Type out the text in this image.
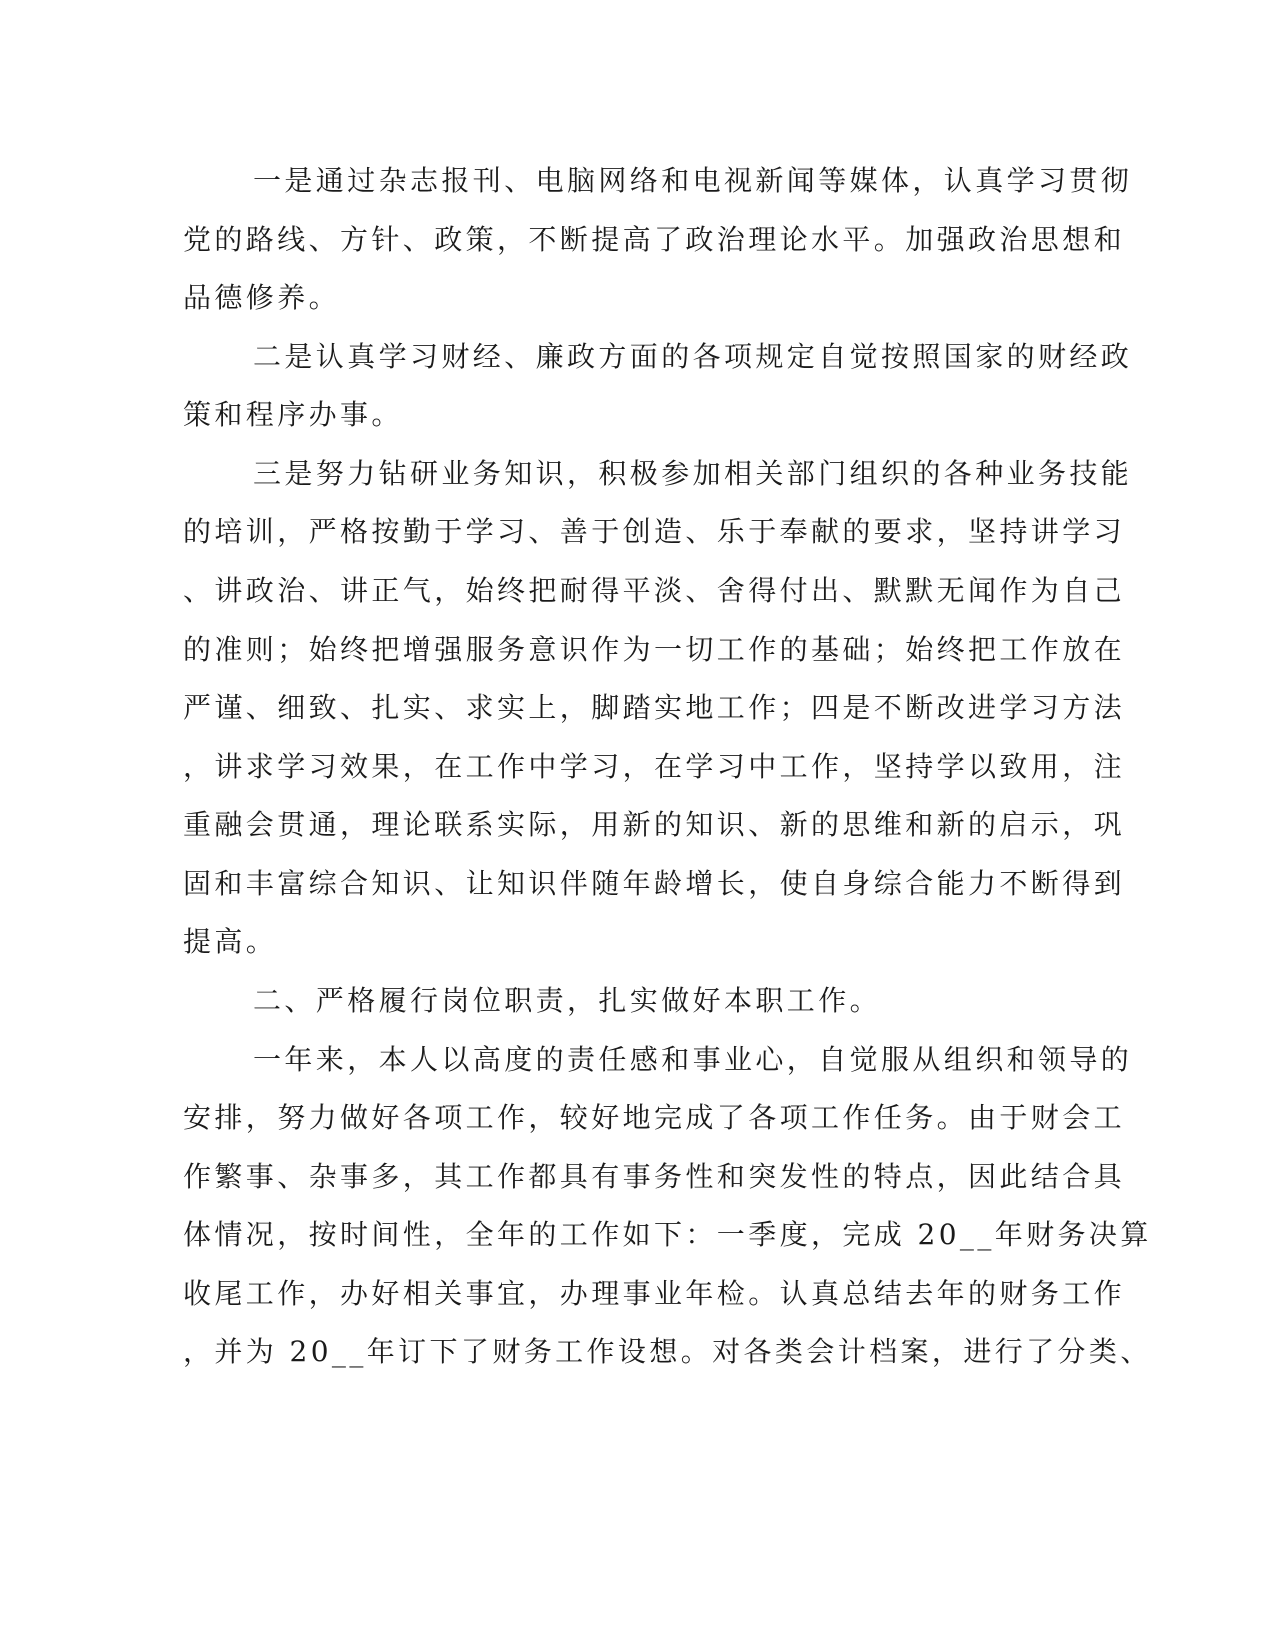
一是通过杂志报刊、电脑网络和电视新闻等媒体，认真学习贯彻

党的路线、方针、政策，不断提高了政治理论水平。加强政治思想和

品德修养。

二是认真学习财经、廉政方面的各项规定自觉按照国家的财经政

策和程序办事。

三是努力钻研业务知识，积极参加相关部门组织的各种业务技能

的培训，严格按勤于学习、善于创造、乐于奉献的要求，坚持讲学习

、讲政治、讲正气，始终把耐得平淡、舍得付出、默默无闻作为自己

的准则；始终把增强服务意识作为一切工作的基础；始终把工作放在

严谨、细致、扎实、求实上，脚踏实地工作；四是不断改进学习方法

，讲求学习效果，在工作中学习，在学习中工作，坚持学以致用，注

重融会贯通，理论联系实际，用新的知识、新的思维和新的启示，巩

固和丰富综合知识、让知识伴随年龄增长，使自身综合能力不断得到

提高。

二、严格履行岗位职责，扎实做好本职工作。

一年来，本人以高度的责任感和事业心，自觉服从组织和领导的

安排，努力做好各项工作，较好地完成了各项工作任务。由于财会工

作繁事、杂事多，其工作都具有事务性和突发性的特点，因此结合具

体情况，按时间性，全年的工作如下：一季度，完成 20__年财务决算

收尾工作，办好相关事宜，办理事业年检。认真总结去年的财务工作

，并为 20__年订下了财务工作设想。对各类会计档案，进行了分类、
